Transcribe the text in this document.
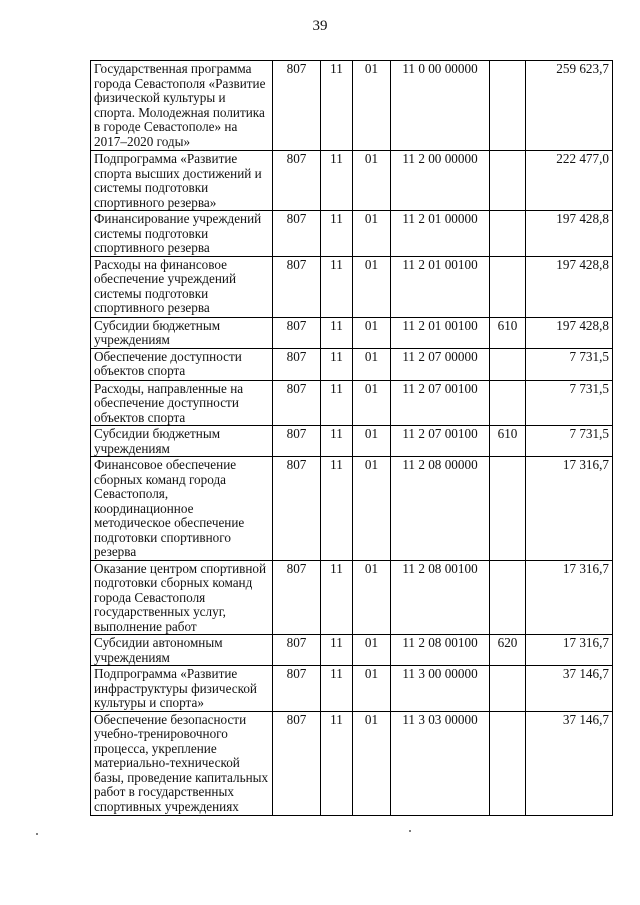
39
Государственная программа города Севастополя «Развитие физической культуры и спорта. Молодежная политика в городе Севастополе» на 2017–2020 годы»	807	11	01	11 0 00 00000		259 623,7
Подпрограмма «Развитие спорта высших достижений и системы подготовки спортивного резерва»	807	11	01	11 2 00 00000		222 477,0
Финансирование учреждений системы подготовки спортивного резерва	807	11	01	11 2 01 00000		197 428,8
Расходы на финансовое обеспечение учреждений системы подготовки спортивного резерва	807	11	01	11 2 01 00100		197 428,8
Субсидии бюджетным учреждениям	807	11	01	11 2 01 00100	610	197 428,8
Обеспечение доступности объектов спорта	807	11	01	11 2 07 00000		7 731,5
Расходы, направленные на обеспечение доступности объектов спорта	807	11	01	11 2 07 00100		7 731,5
Субсидии бюджетным учреждениям	807	11	01	11 2 07 00100	610	7 731,5
Финансовое обеспечение сборных команд города Севастополя, координационное методическое обеспечение подготовки спортивного резерва	807	11	01	11 2 08 00000		17 316,7
Оказание центром спортивной подготовки сборных команд города Севастополя государственных услуг, выполнение работ	807	11	01	11 2 08 00100		17 316,7
Субсидии автономным учреждениям	807	11	01	11 2 08 00100	620	17 316,7
Подпрограмма «Развитие инфраструктуры физической культуры и спорта»	807	11	01	11 3 00 00000		37 146,7
Обеспечение безопасности учебно-тренировочного процесса, укрепление материально-технической базы, проведение капитальных работ в государственных спортивных учреждениях	807	11	01	11 3 03 00000		37 146,7
